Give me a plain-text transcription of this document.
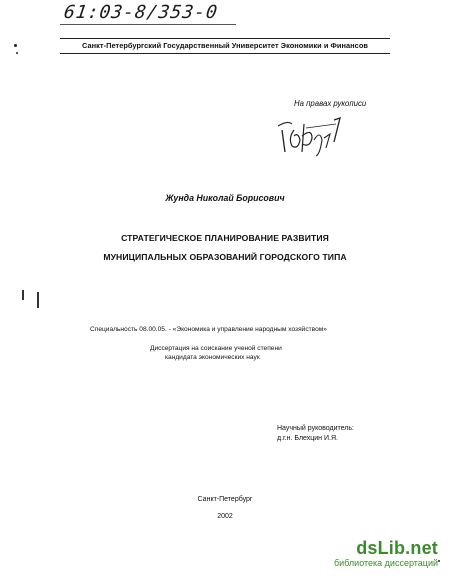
61:03-8/353-0
Санкт-Петербургский Государственный Университет Экономики и Финансов
На правах рукописи
Жунда Николай Борисович
СТРАТЕГИЧЕСКОЕ ПЛАНИРОВАНИЕ РАЗВИТИЯ
МУНИЦИПАЛЬНЫХ ОБРАЗОВАНИЙ ГОРОДСКОГО ТИПА
Специальность 08.00.05. - «Экономика и управление народным хозяйством»
Диссертация на соискание ученой степени
кандидата экономических наук
Научный руководитель:
д.г.н. Блехцин И.Я.
Санкт-Петербург
2002
dsLib.net
библиотека диссертаций
